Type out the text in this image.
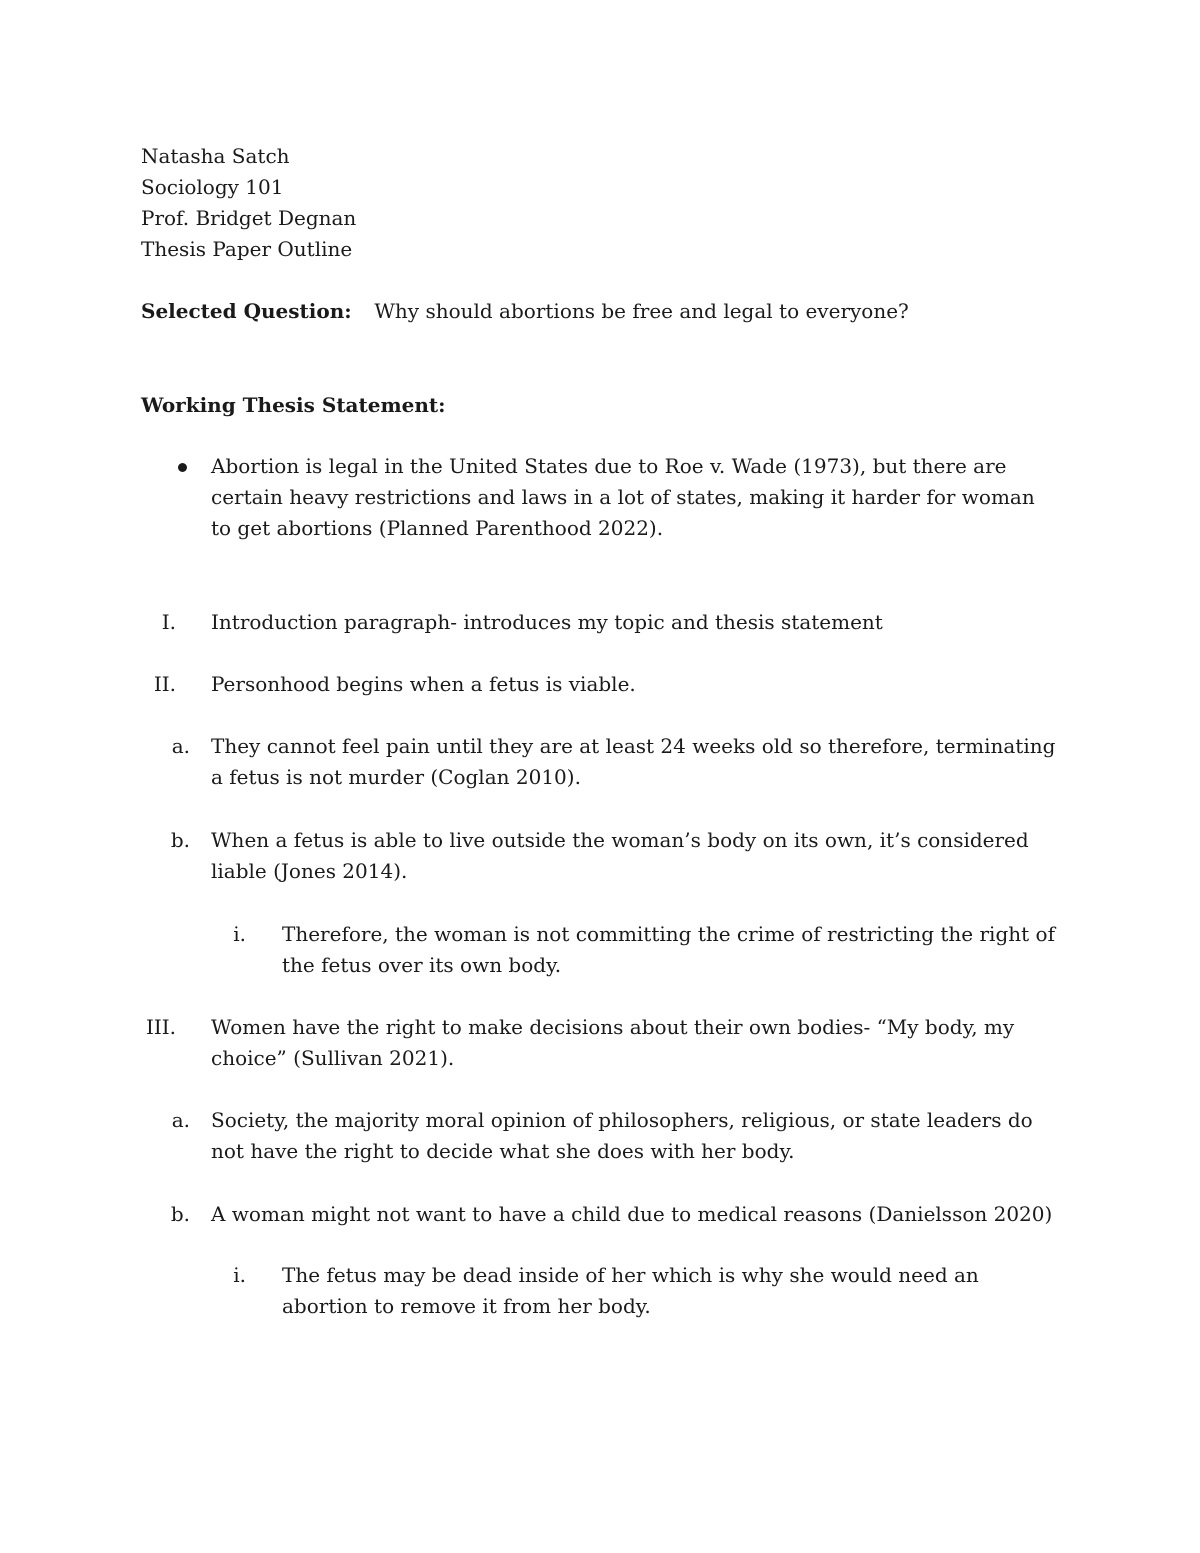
Natasha Satch
Sociology 101
Prof. Bridget Degnan
Thesis Paper Outline
Selected Question: Why should abortions be free and legal to everyone?
Working Thesis Statement:
Abortion is legal in the United States due to Roe v. Wade (1973), but there are certain heavy restrictions and laws in a lot of states, making it harder for woman to get abortions (Planned Parenthood 2022).
I. Introduction paragraph- introduces my topic and thesis statement
II. Personhood begins when a fetus is viable.
a. They cannot feel pain until they are at least 24 weeks old so therefore, terminating a fetus is not murder (Coglan 2010).
b. When a fetus is able to live outside the woman’s body on its own, it’s considered liable (Jones 2014).
i. Therefore, the woman is not committing the crime of restricting the right of the fetus over its own body.
III. Women have the right to make decisions about their own bodies- “My body, my choice” (Sullivan 2021).
a. Society, the majority moral opinion of philosophers, religious, or state leaders do not have the right to decide what she does with her body.
b. A woman might not want to have a child due to medical reasons (Danielsson 2020)
i. The fetus may be dead inside of her which is why she would need an abortion to remove it from her body.
